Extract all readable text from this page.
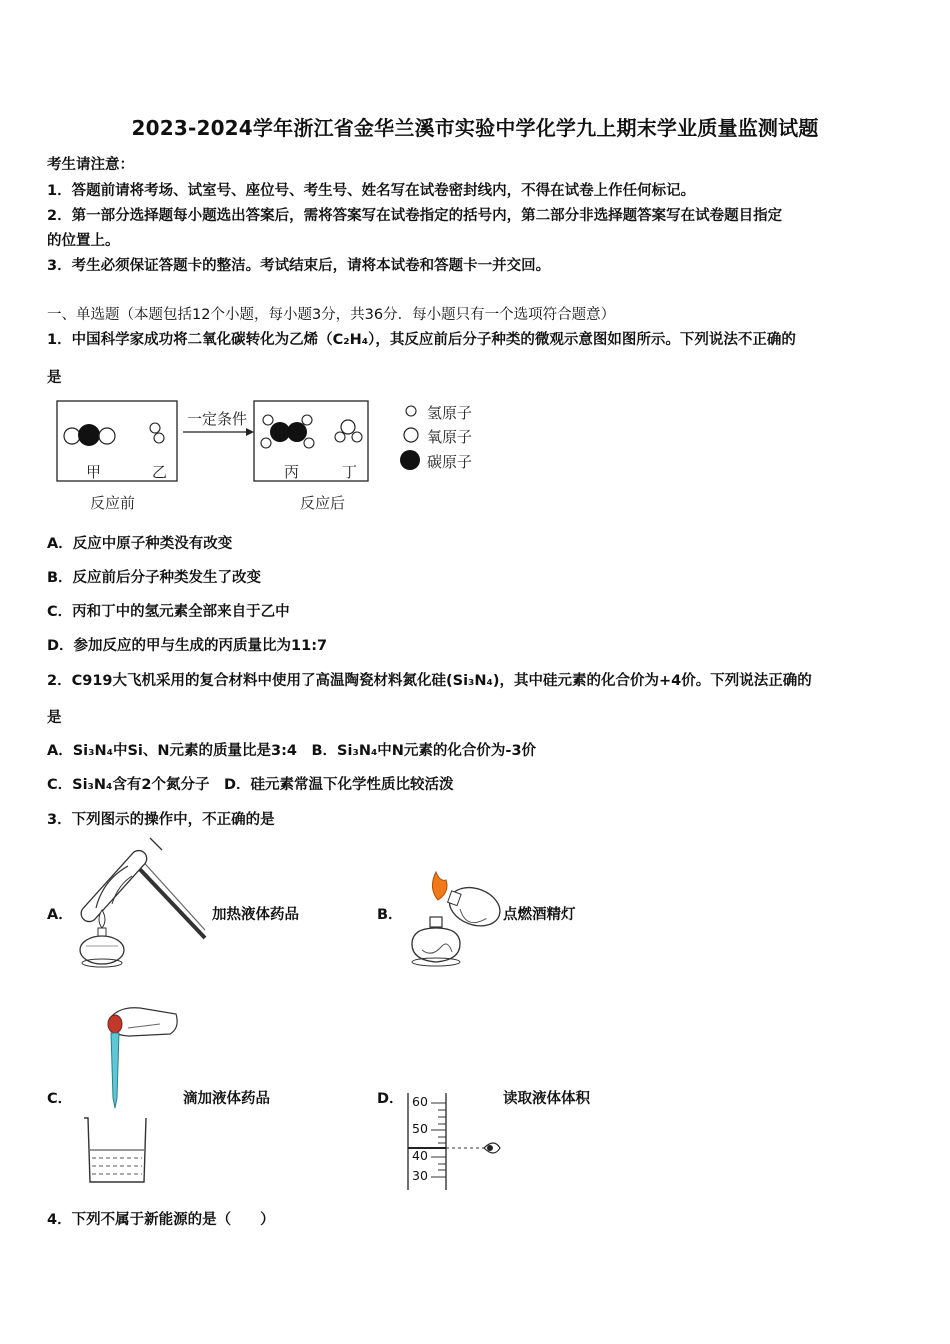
2023-2024学年浙江省金华兰溪市实验中学化学九上期末学业质量监测试题
考生请注意：
1．答题前请将考场、试室号、座位号、考生号、姓名写在试卷密封线内，不得在试卷上作任何标记。
2．第一部分选择题每小题选出答案后，需将答案写在试卷指定的括号内，第二部分非选择题答案写在试卷题目指定
的位置上。
3．考生必须保证答题卡的整洁。考试结束后，请将本试卷和答题卡一并交回。
一、单选题（本题包括12个小题，每小题3分，共36分．每小题只有一个选项符合题意）
1．中国科学家成功将二氧化碳转化为乙烯（C₂H₄），其反应前后分子种类的微观示意图如图所示。下列说法不正确的
是
一定条件
甲	乙	丙	丁
反应前	反应后
氢原子
氧原子
碳原子
A．反应中原子种类没有改变
B．反应前后分子种类发生了改变
C．丙和丁中的氢元素全部来自于乙中
D．参加反应的甲与生成的丙质量比为11:7
2．C919大飞机采用的复合材料中使用了高温陶瓷材料氮化硅(Si₃N₄)，其中硅元素的化合价为+4价。下列说法正确的
是
A．Si₃N₄中Si、N元素的质量比是3:4　B．Si₃N₄中N元素的化合价为-3价
C．Si₃N₄含有2个氮分子　D．硅元素常温下化学性质比较活泼
3．下列图示的操作中，不正确的是
A．	加热液体药品	B．	点燃酒精灯
C．	滴加液体药品	D．	读取液体体积
60
50
40
30
4．下列不属于新能源的是（　　）
